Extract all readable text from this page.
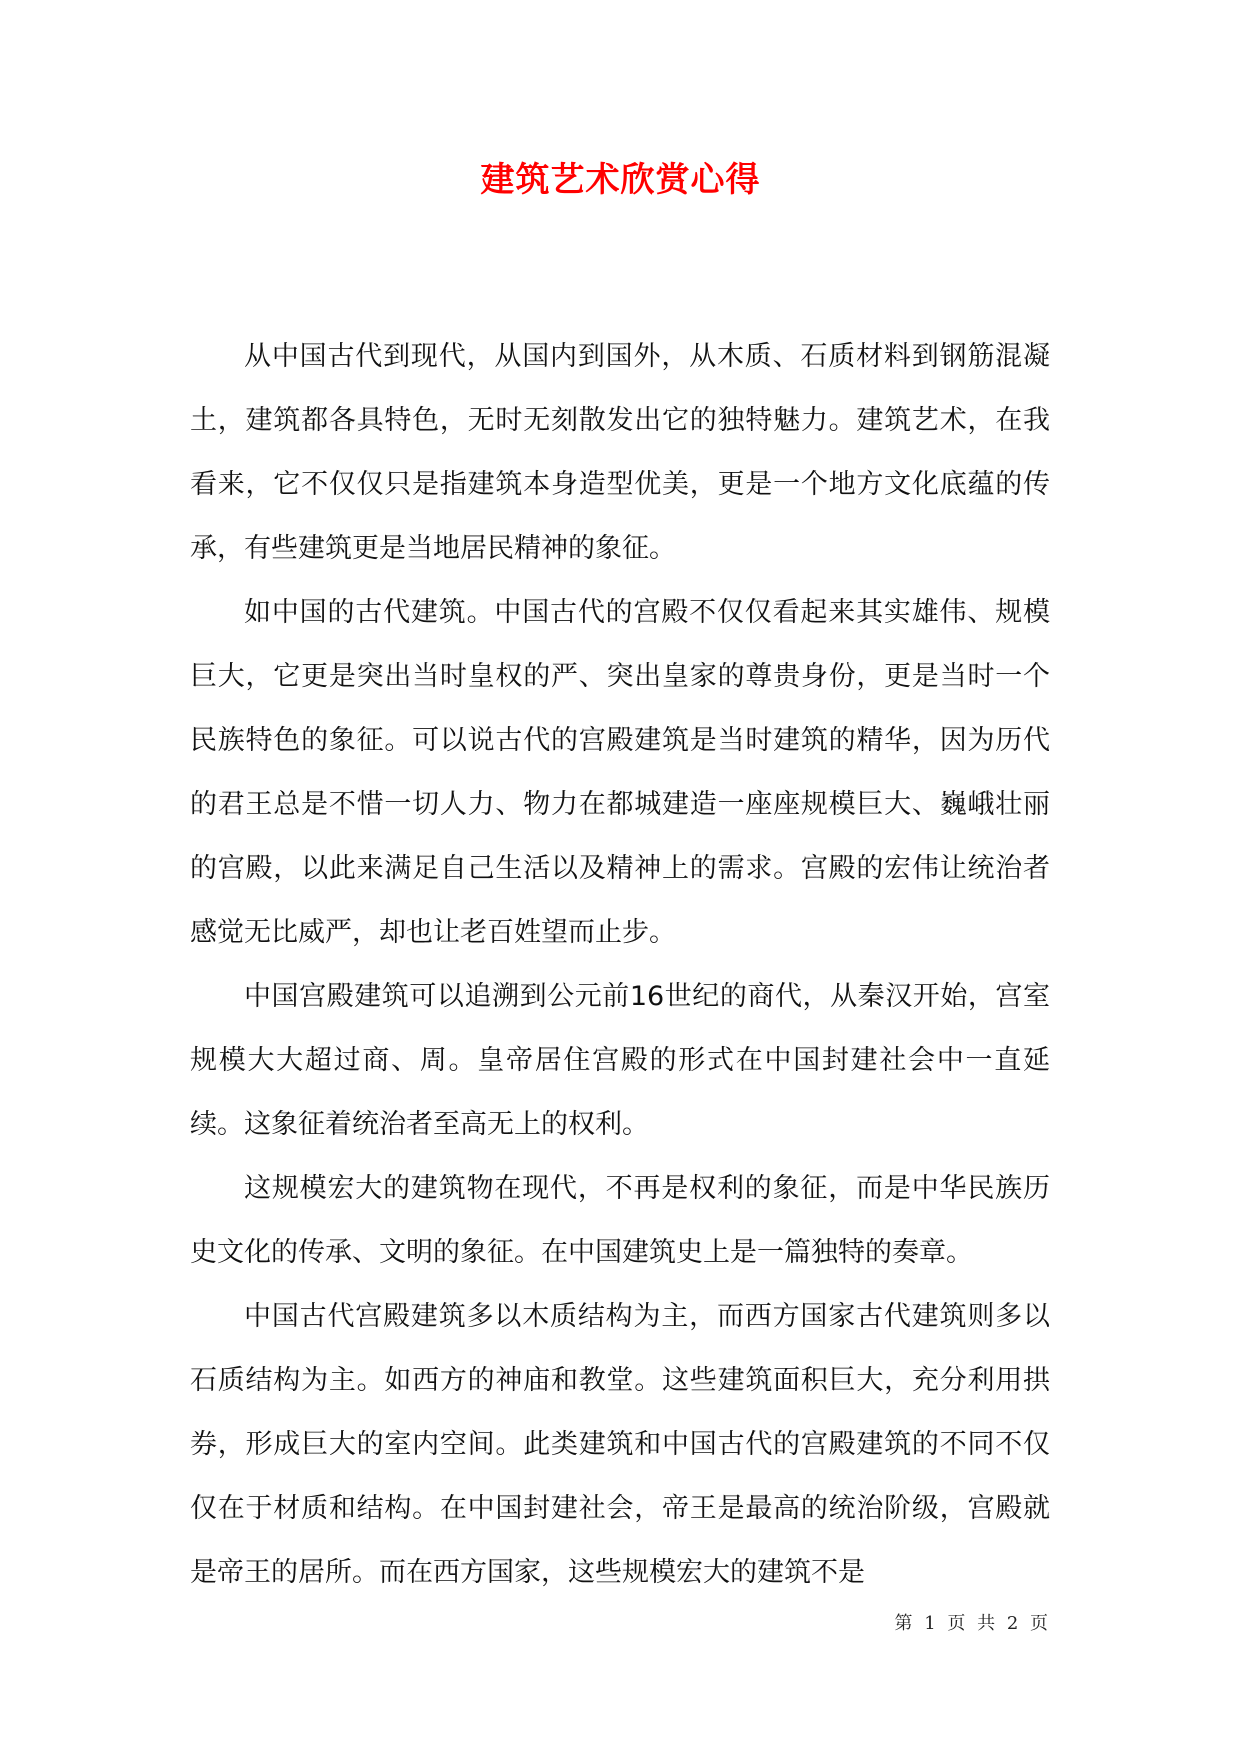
建筑艺术欣赏心得

从中国古代到现代，从国内到国外，从木质、石质材料到钢筋混凝土，建筑都各具特色，无时无刻散发出它的独特魅力。建筑艺术，在我看来，它不仅仅只是指建筑本身造型优美，更是一个地方文化底蕴的传承，有些建筑更是当地居民精神的象征。

如中国的古代建筑。中国古代的宫殿不仅仅看起来其实雄伟、规模巨大，它更是突出当时皇权的严、突出皇家的尊贵身份，更是当时一个民族特色的象征。可以说古代的宫殿建筑是当时建筑的精华，因为历代的君王总是不惜一切人力、物力在都城建造一座座规模巨大、巍峨壮丽的宫殿，以此来满足自己生活以及精神上的需求。宫殿的宏伟让统治者感觉无比威严，却也让老百姓望而止步。

中国宫殿建筑可以追溯到公元前16世纪的商代，从秦汉开始，宫室规模大大超过商、周。皇帝居住宫殿的形式在中国封建社会中一直延续。这象征着统治者至高无上的权利。

这规模宏大的建筑物在现代，不再是权利的象征，而是中华民族历史文化的传承、文明的象征。在中国建筑史上是一篇独特的奏章。

中国古代宫殿建筑多以木质结构为主，而西方国家古代建筑则多以石质结构为主。如西方的神庙和教堂。这些建筑面积巨大，充分利用拱券，形成巨大的室内空间。此类建筑和中国古代的宫殿建筑的不同不仅仅在于材质和结构。在中国封建社会，帝王是最高的统治阶级，宫殿就是帝王的居所。而在西方国家，这些规模宏大的建筑不是

第 1 页 共 2 页
